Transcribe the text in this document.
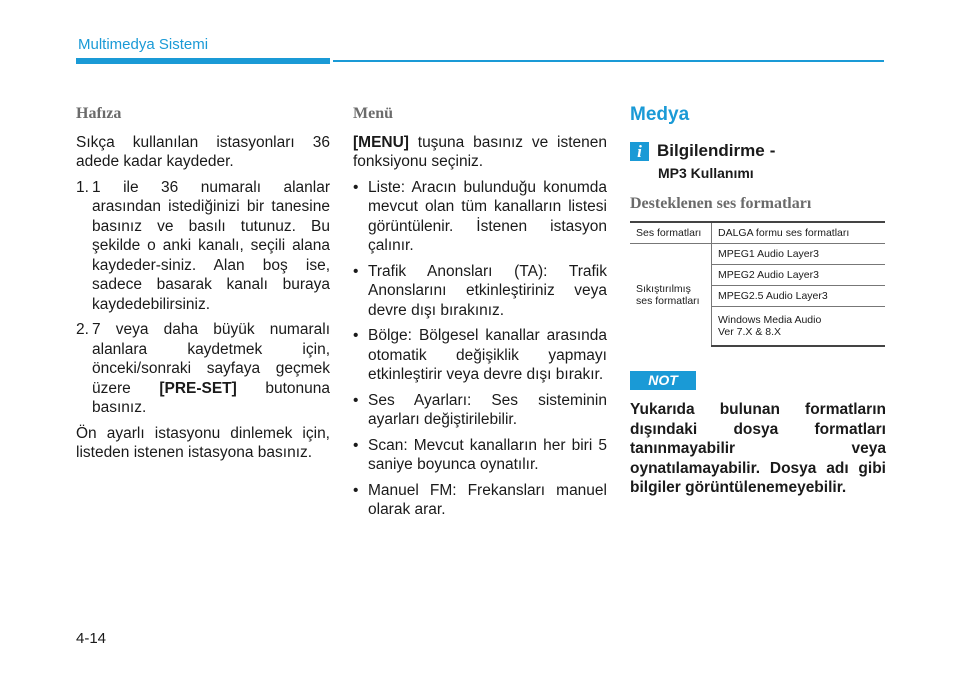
Multimedya Sistemi
Hafıza

Sıkça kullanılan istasyonları 36 adede kadar kaydeder.

1. 1 ile 36 numaralı alanlar arasından istediğinizi bir tanesine basınız ve basılı tutunuz. Bu şekilde o anki kanalı, seçili alana kaydeder-siniz. Alan boş ise, sadece basarak kanalı buraya kaydedebilirsiniz.
2. 7 veya daha büyük numaralı alanlara kaydetmek için, önceki/sonraki sayfaya geçmek üzere [PRE-SET] butonuna basınız.

Ön ayarlı istasyonu dinlemek için, listeden istenen istasyona basınız.

Menü

[MENU] tuşuna basınız ve istenen fonksiyonu seçiniz.

• Liste: Aracın bulunduğu konumda mevcut olan tüm kanalların listesi görüntülenir. İstenen istasyon çalınır.
• Trafik Anonsları (TA): Trafik Anonslarını etkinleştiriniz veya devre dışı bırakınız.
• Bölge: Bölgesel kanallar arasında otomatik değişiklik yapmayı etkinleştirir veya devre dışı bırakır.
• Ses Ayarları: Ses sisteminin ayarları değiştirilebilir.
• Scan: Mevcut kanalların her biri 5 saniye boyunca oynatılır.
• Manuel FM: Frekansları manuel olarak arar.
Medya
i Bilgilendirme -
MP3 Kullanımı
Desteklenen ses formatları
Ses formatları	DALGA formu ses formatları
Sıkıştırılmış ses formatları	MPEG1 Audio Layer3
	MPEG2 Audio Layer3
	MPEG2.5 Audio Layer3
	Windows Media Audio
Ver 7.X & 8.X
NOT
Yukarıda bulunan formatların dışındaki dosya formatları tanınmayabilir veya oynatılamayabilir. Dosya adı gibi bilgiler görüntülenemeyebilir.
4-14
